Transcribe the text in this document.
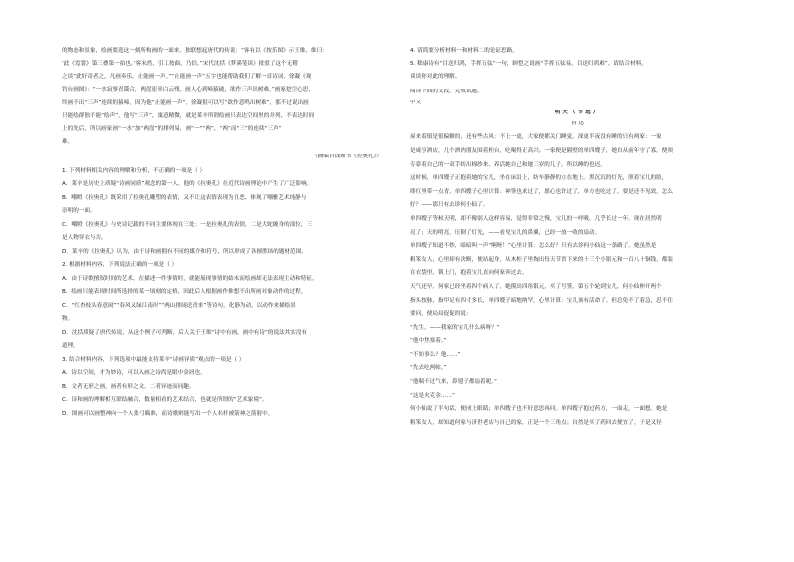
的物态和景象，绘画要选这一刻所构画的一面来。独联想起唐代的传说：“客有以《按乐图》示王维，维曰：

‘此《霓裳》第三叠第一拍也。’客未然，引工按曲，乃信。”宋代沈括《梦溪笔谈》批驳了这个无稽

之谈“此好奇者之，凡画奏乐，止能画一声。”“止能画一声”五字也能帮助我们了解一首诗词，徐凝《观

钓台画图》：“一水寂寥青霭合，两崖崔崒白云残。画人心到啼猿破，欲作三声出树难。”画家挖空心思，

终画不出“三声”连续的猿啼，因为他“止能画一声”。徐凝很可以写“欲作悲鸣出树难”，那不过说出画

只能绘群独不能“绘声”，他写“三声”，寓意精微，就是莱辛所谓绘画只表达空间里的并列，不表达时间

上的先后，所以画家画“一水”加“两崖”的排列易，画“一”“两”，“两”而“三”的连续“三声”

难。

（摘编自钱锺书《拉奥孔》）

1. 下列材料相关内容的理解和分析，不正确的一项是（ ）

A．莱辛是历史上质疑“诗画同质”观念的第一人，他的《拉奥孔》在近代诗画理论中产生了广泛影响。

B．嘲瞪《拉奥孔》既采用了拉奥孔雕塑的表情，又不让这表情表现为丑恶，体现了嘲雅艺术纯静与

崇明的一面。

C．嘲瞪《拉奥孔》与史诗记载的不同主要体现在三处：一是拉奥孔的表情，二是大蛇缠身的部位，三

是人物穿衣与否。

D．莱辛的《拉奥孔》认为，由于诗和画拥有不同的媒介和符号，所以形成了各擅胜场的题材范围。

2. 根据材料内容，下列说法正确的一项是（ ）

A．由于诗歌擅叙时间的艺术，在描述一件事情时，就能展现事情的始末而绘画却无法表现主动和特征。

B．绘画只能表现时间所选择的某一顷刻的定格，因此后人根据画作推想不出所画对象动作的过程。

C．“红杏枝头春意闹”“春风又绿江南岸”“两山排闼送青来”等诗句，化静为动，以动作来描绘景

物。

D．沈括质疑了唐代传说，从这个例子可判断，后人关于王维“诗中有画，画中有诗”的说法其实没有

道理。

3. 结合材料内容，下列选项中最能支持莱辛“诗画异质”观点的一项是（ ）

A．诗以空间，才为妙诗，可以入画之诗尚是眼中金屑也。

B．文者无形之画，画者有形之文，二者异迹而同趣。

C．诗和画的理解相互联结融合，数量相看的艺术结合，也就是所谓的“艺术象境”。

D．图画可以画整神向一个人张弓瞄准，而诗歌则能写出一个人名杆被箭神之箭射中。

4. 请简要分析材料一和材料二的论证思路。

5. 嵇康诗有“目送归鸿，手挥五弦”一句，顾恺之说画“手挥五弦易，目送归鸿难”。请结合材料，

谈谈你对此的理解。

阅读下面的文段，完成试题。

甲文

明天（节选）

鲁 迅

屋来着镇是很偏僻的，还有些古风：不上一更，大家便都关门睡觉。深更半夜没有睡的只有两家：一家

是咸亨酒店，几个酒肉朋友围着柜台，吃喝得正高兴；一家便是隔壁的单四嫂子，她自从前年守了寡，便须

专靠着自己的一双手纺出棉纱来，养活她自己和她三岁的儿子，所以睡的也迟。

这时候，单四嫂子正抱着她的宝儿，坐在床沿上，纺车静静的立在地上。黑沉沉的灯光，照着宝儿的脸，

绯红里带一点青。单四嫂子心里计算：神签也求过了，愿心也许过了，单方也吃过了，要是还不见效，怎么

好？——那只有去诊何小仙了。

单四嫂子等候天明，却不像别人这样容易，觉得非常之慢，宝儿的一呼吸，几乎长过一年。现在居然明

亮了；天的明亮，压倒了灯光，——看见宝儿的鼻翼，已经一放一收的扇动。

单四嫂子知道不妙，暗暗叫一声“啊呀！”心里计算：怎么好？只有去诊何小仙这一条路了。她虽然是

粗笨女人，心里却有决断，便站起身，从木柜子里掏出每天节省下来的十三个小银元和一百八十铜钱，都装

在衣袋里，锁上门，抱着宝儿直向何家奔过去。

天气还早，何家已经坐着四个病人了。她摸出四角银元，买了号签，第五个轮到宝儿。何小仙伸开两个

指头按脉，指甲足有四寸多长，单四嫂子暗地纳罕，心里计算：宝儿该有活命了。但总免不了着急，忍不住

要问，便局局促促的说：

“先生，——我家的宝儿什么病呀？”

“他中焦塞着。”

“不妨事么？他……”

“先去吃两帖。”

“他喘不过气来，鼻翅子都扇着呢。”

“这是火克金……”

何小仙说了半句话，便闭上眼睛；单四嫂子也不好意思再问。单四嫂子抱过药方，一面走，一面想。她是

粗笨女人，却知道何家与济世老店与自己的家，正是一个三角点；自然是买了药回去便宜了。于是又径
